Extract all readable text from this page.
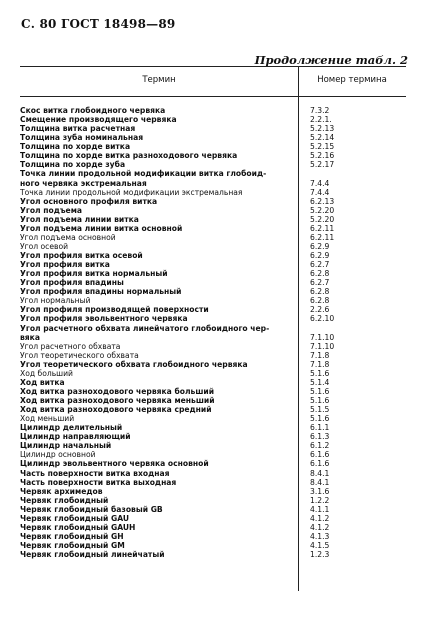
С. 80 ГОСТ 18498—89
Продолжение табл. 2
Термин	Номер термина
Скос витка глобоидного червяка	7.3.2
Смещение производящего червяка	2.2.1.
Толщина витка расчетная	5.2.13
Толщина зуба номинальная	5.2.14
Толщина по хорде витка	5.2.15
Толщина по хорде витка разноходового червяка	5.2.16
Толщина по хорде зуба	5.2.17
Точка линии продольной модификации витка глобоид-
ного червяка экстремальная	7.4.4
Точка линии продольной модификации экстремальная	7.4.4
Угол основного профиля витка	6.2.13
Угол подъема	5.2.20
Угол подъема линии витка	5.2.20
Угол подъема линии витка основной	6.2.11
Угол подъема основной	6.2.11
Угол осевой	6.2.9
Угол профиля витка осевой	6.2.9
Угол профиля витка	6.2.7
Угол профиля витка нормальный	6.2.8
Угол профиля впадины	6.2.7
Угол профиля впадины нормальный	6.2.8
Угол нормальный	6.2.8
Угол профиля производящей поверхности	2.2.6
Угол профиля эвольвентного червяка	6.2.10
Угол расчетного обхвата линейчатого глобоидного чер-
вяка	7.1.10
Угол расчетного обхвата	7.1.10
Угол теоретического обхвата	7.1.8
Угол теоретического обхвата глобоидного червяка	7.1.8
Ход больший	5.1.6
Ход витка	5.1.4
Ход витка разноходового червяка больший	5.1.6
Ход витка разноходового червяка меньший	5.1.6
Ход витка разноходового червяка средний	5.1.5
Ход меньший	5.1.6
Цилиндр делительный	6.1.1
Цилиндр направляющий	6.1.3
Цилиндр начальный	6.1.2
Цилиндр основной	6.1.6
Цилиндр эвольвентного червяка основной	6.1.6
Часть поверхности витка входная	8.4.1
Часть поверхности витка выходная	8.4.1
Червяк архимедов	3.1.6
Червяк глобоидный	1.2.2
Червяк глобоидный базовый GB	4.1.1
Червяк глобоидный GAU	4.1.2
Червяк глобоидный GAUH	4.1.2
Червяк глобоидный GH	4.1.3
Червяк глобоидный GM	4.1.5
Червяк глобоидный линейчатый	1.2.3
